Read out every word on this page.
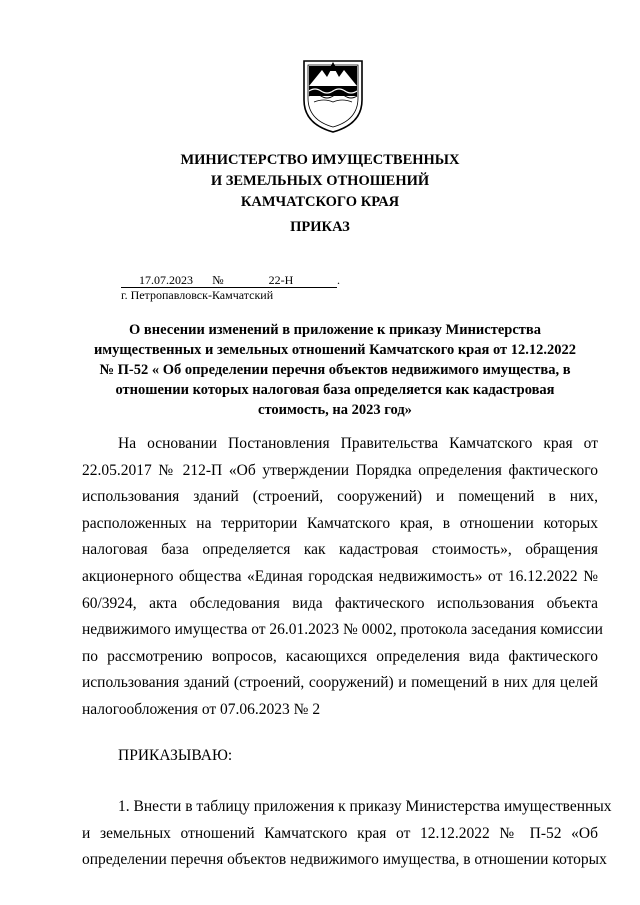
МИНИСТЕРСТВО ИМУЩЕСТВЕННЫХ
И ЗЕМЕЛЬНЫХ ОТНОШЕНИЙ
КАМЧАТСКОГО КРАЯ
ПРИКАЗ
17.07.2023 №	22-Н	.
г. Петропавловск-Камчатский
О внесении изменений в приложение к приказу Министерства
имущественных и земельных отношений Камчатского края от 12.12.2022
№ П-52 « Об определении перечня объектов недвижимого имущества, в
отношении которых налоговая база определяется как кадастровая
стоимость, на 2023 год»
На основании Постановления Правительства Камчатского края от
22.05.2017 № 212-П «Об утверждении Порядка определения фактического
использования зданий (строений, сооружений) и помещений в них,
расположенных на территории Камчатского края, в отношении которых
налоговая база определяется как кадастровая стоимость», обращения
акционерного общества «Единая городская недвижимость» от 16.12.2022 №
60/3924, акта обследования вида фактического использования объекта
недвижимого имущества от 26.01.2023 № 0002, протокола заседания комиссии
по рассмотрению вопросов, касающихся определения вида фактического
использования зданий (строений, сооружений) и помещений в них для целей
налогообложения от 07.06.2023 № 2
ПРИКАЗЫВАЮ:
1. Внести в таблицу приложения к приказу Министерства имущественных
и земельных отношений Камчатского края от 12.12.2022 № П-52 «Об
определении перечня объектов недвижимого имущества, в отношении которых
